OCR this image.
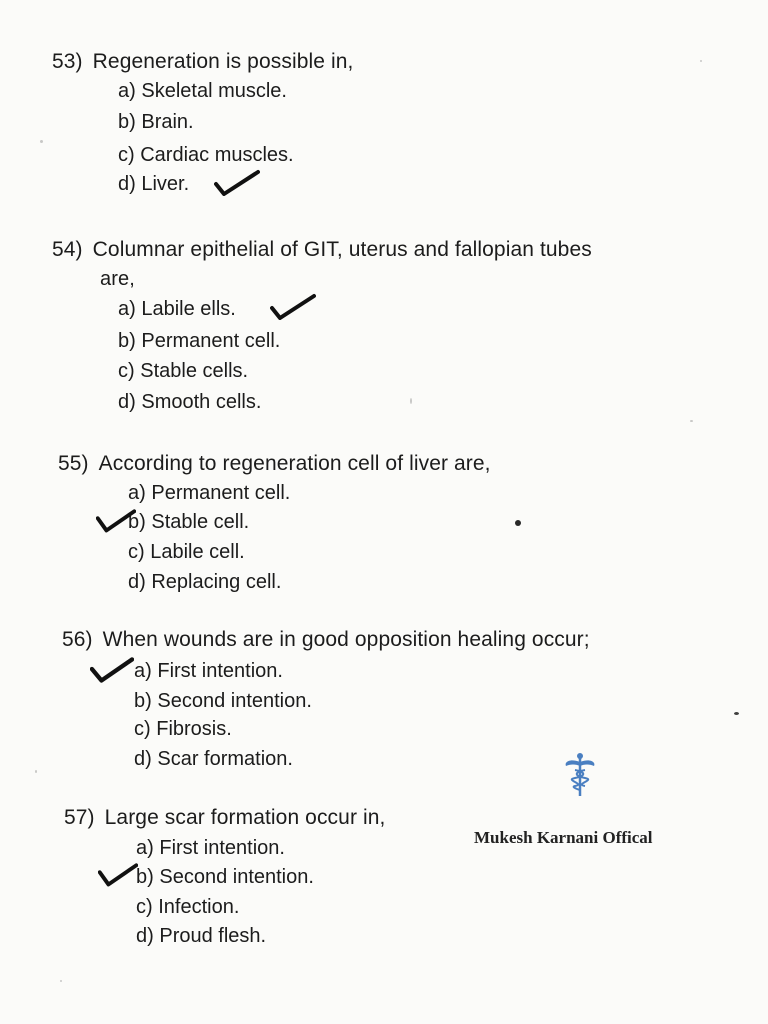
53) Regeneration is possible in,
a) Skeletal muscle.
b) Brain.
c) Cardiac muscles.
d) Liver.
54) Columnar epithelial of GIT, uterus and fallopian tubes
are,
a) Labile ells.
b) Permanent cell.
c) Stable cells.
d) Smooth cells.
55) According to regeneration cell of liver are,
a) Permanent cell.
b) Stable cell.
c) Labile cell.
d) Replacing cell.
56) When wounds are in good opposition healing occur;
a) First intention.
b) Second intention.
c) Fibrosis.
d) Scar formation.
57) Large scar formation occur in,
a) First intention.
b) Second intention.
c) Infection.
d) Proud flesh.
Mukesh Karnani Offical
